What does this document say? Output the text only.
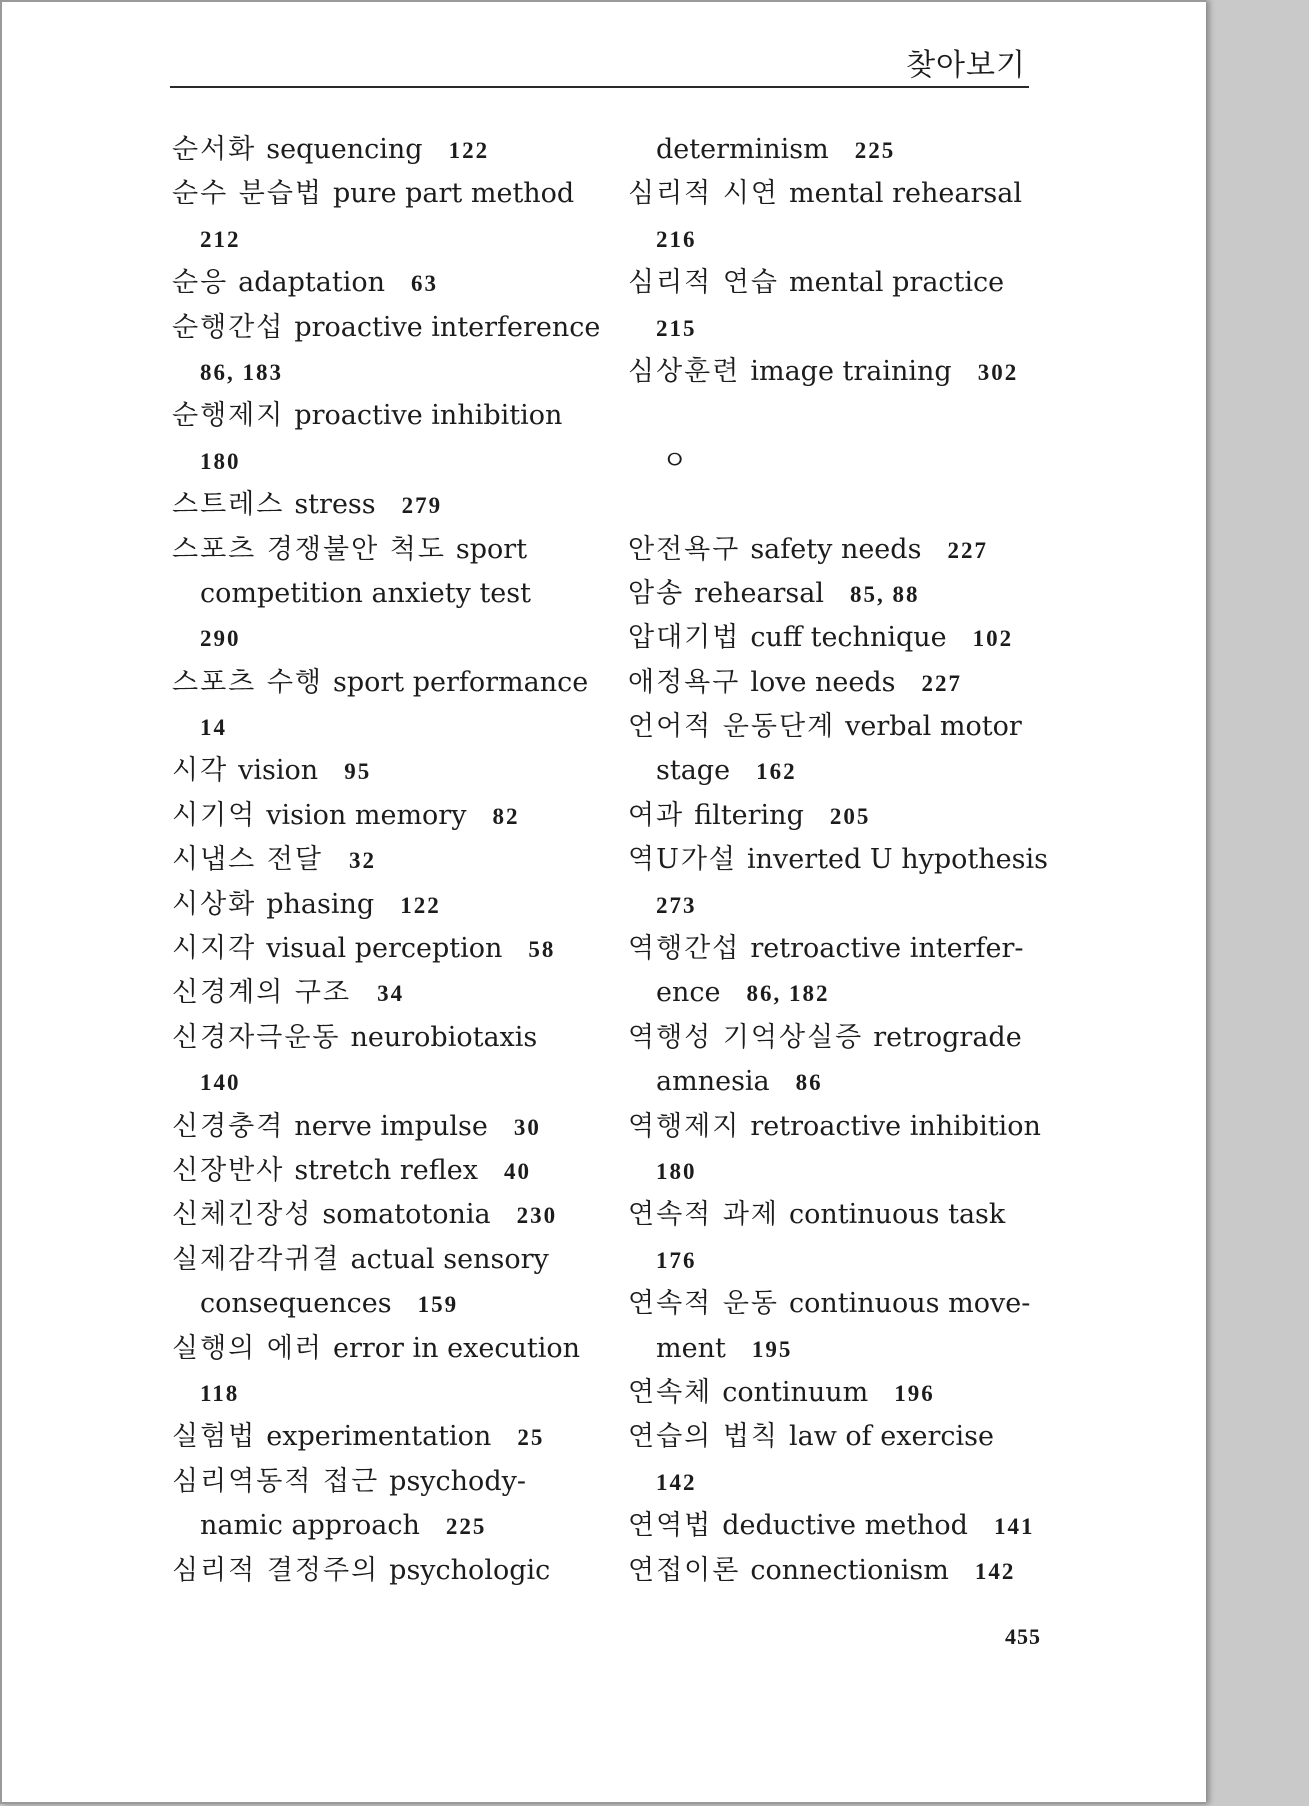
찾아보기
순서화 sequencing 122
순수 분습법 pure part method
212
순응 adaptation 63
순행간섭 proactive interference
86, 183
순행제지 proactive inhibition
180
스트레스 stress 279
스포츠 경쟁불안 척도 sport
competition anxiety test
290
스포츠 수행 sport performance
14
시각 vision 95
시기억 vision memory 82
시냅스 전달 32
시상화 phasing 122
시지각 visual perception 58
신경계의 구조 34
신경자극운동 neurobiotaxis
140
신경충격 nerve impulse 30
신장반사 stretch reflex 40
신체긴장성 somatotonia 230
실제감각귀결 actual sensory
consequences 159
실행의 에러 error in execution
118
실험법 experimentation 25
심리역동적 접근 psychody-
namic approach 225
심리적 결정주의 psychologic
determinism 225
심리적 시연 mental rehearsal
216
심리적 연습 mental practice
215
심상훈련 image training 302
ㅇ
안전욕구 safety needs 227
암송 rehearsal 85, 88
압대기법 cuff technique 102
애정욕구 love needs 227
언어적 운동단계 verbal motor
stage 162
여과 filtering 205
역U가설 inverted U hypothesis
273
역행간섭 retroactive interfer-
ence 86, 182
역행성 기억상실증 retrograde
amnesia 86
역행제지 retroactive inhibition
180
연속적 과제 continuous task
176
연속적 운동 continuous move-
ment 195
연속체 continuum 196
연습의 법칙 law of exercise
142
연역법 deductive method 141
연접이론 connectionism 142
455
